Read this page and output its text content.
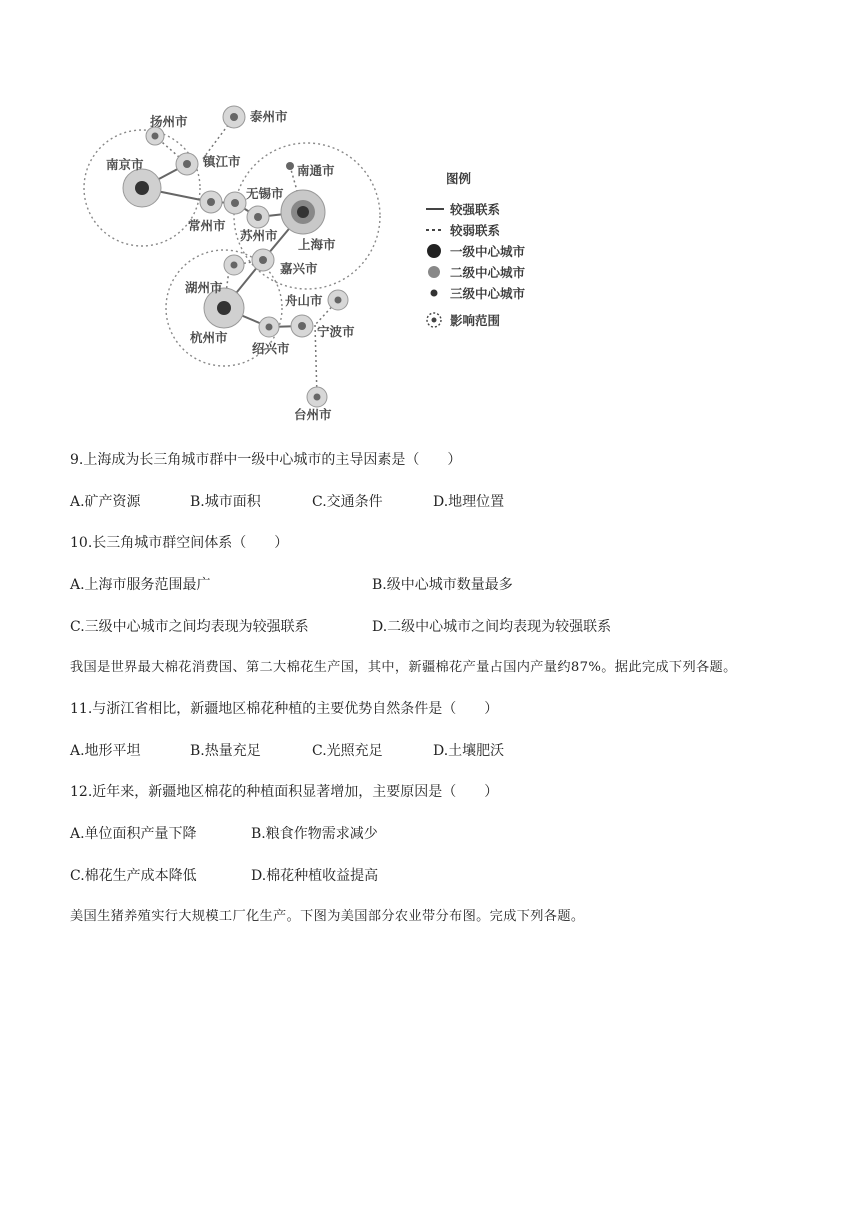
泰州市
扬州市
南京市	镇江市
南通市
无锡市
常州市
苏州市
上海市
嘉兴市
湖州市
舟山市
杭州市
绍兴市
宁波市
台州市
图例
较强联系
较弱联系
一级中心城市
二级中心城市
三级中心城市
影响范围
9.上海成为长三角城市群中一级中心城市的主导因素是（　　）
A.矿产资源	B.城市面积	C.交通条件	D.地理位置
10.长三角城市群空间体系（　　）
A.上海市服务范围最广	B.级中心城市数量最多
C.三级中心城市之间均表现为较强联系	D.二级中心城市之间均表现为较强联系
我国是世界最大棉花消费国、第二大棉花生产国，其中，新疆棉花产量占国内产量约87%。据此完成下列各题。
11.与浙江省相比，新疆地区棉花种植的主要优势自然条件是（　　）
A.地形平坦	B.热量充足	C.光照充足	D.土壤肥沃
12.近年来，新疆地区棉花的种植面积显著增加，主要原因是（　　）
A.单位面积产量下降	B.粮食作物需求减少
C.棉花生产成本降低	D.棉花种植收益提高
美国生猪养殖实行大规模工厂化生产。下图为美国部分农业带分布图。完成下列各题。
